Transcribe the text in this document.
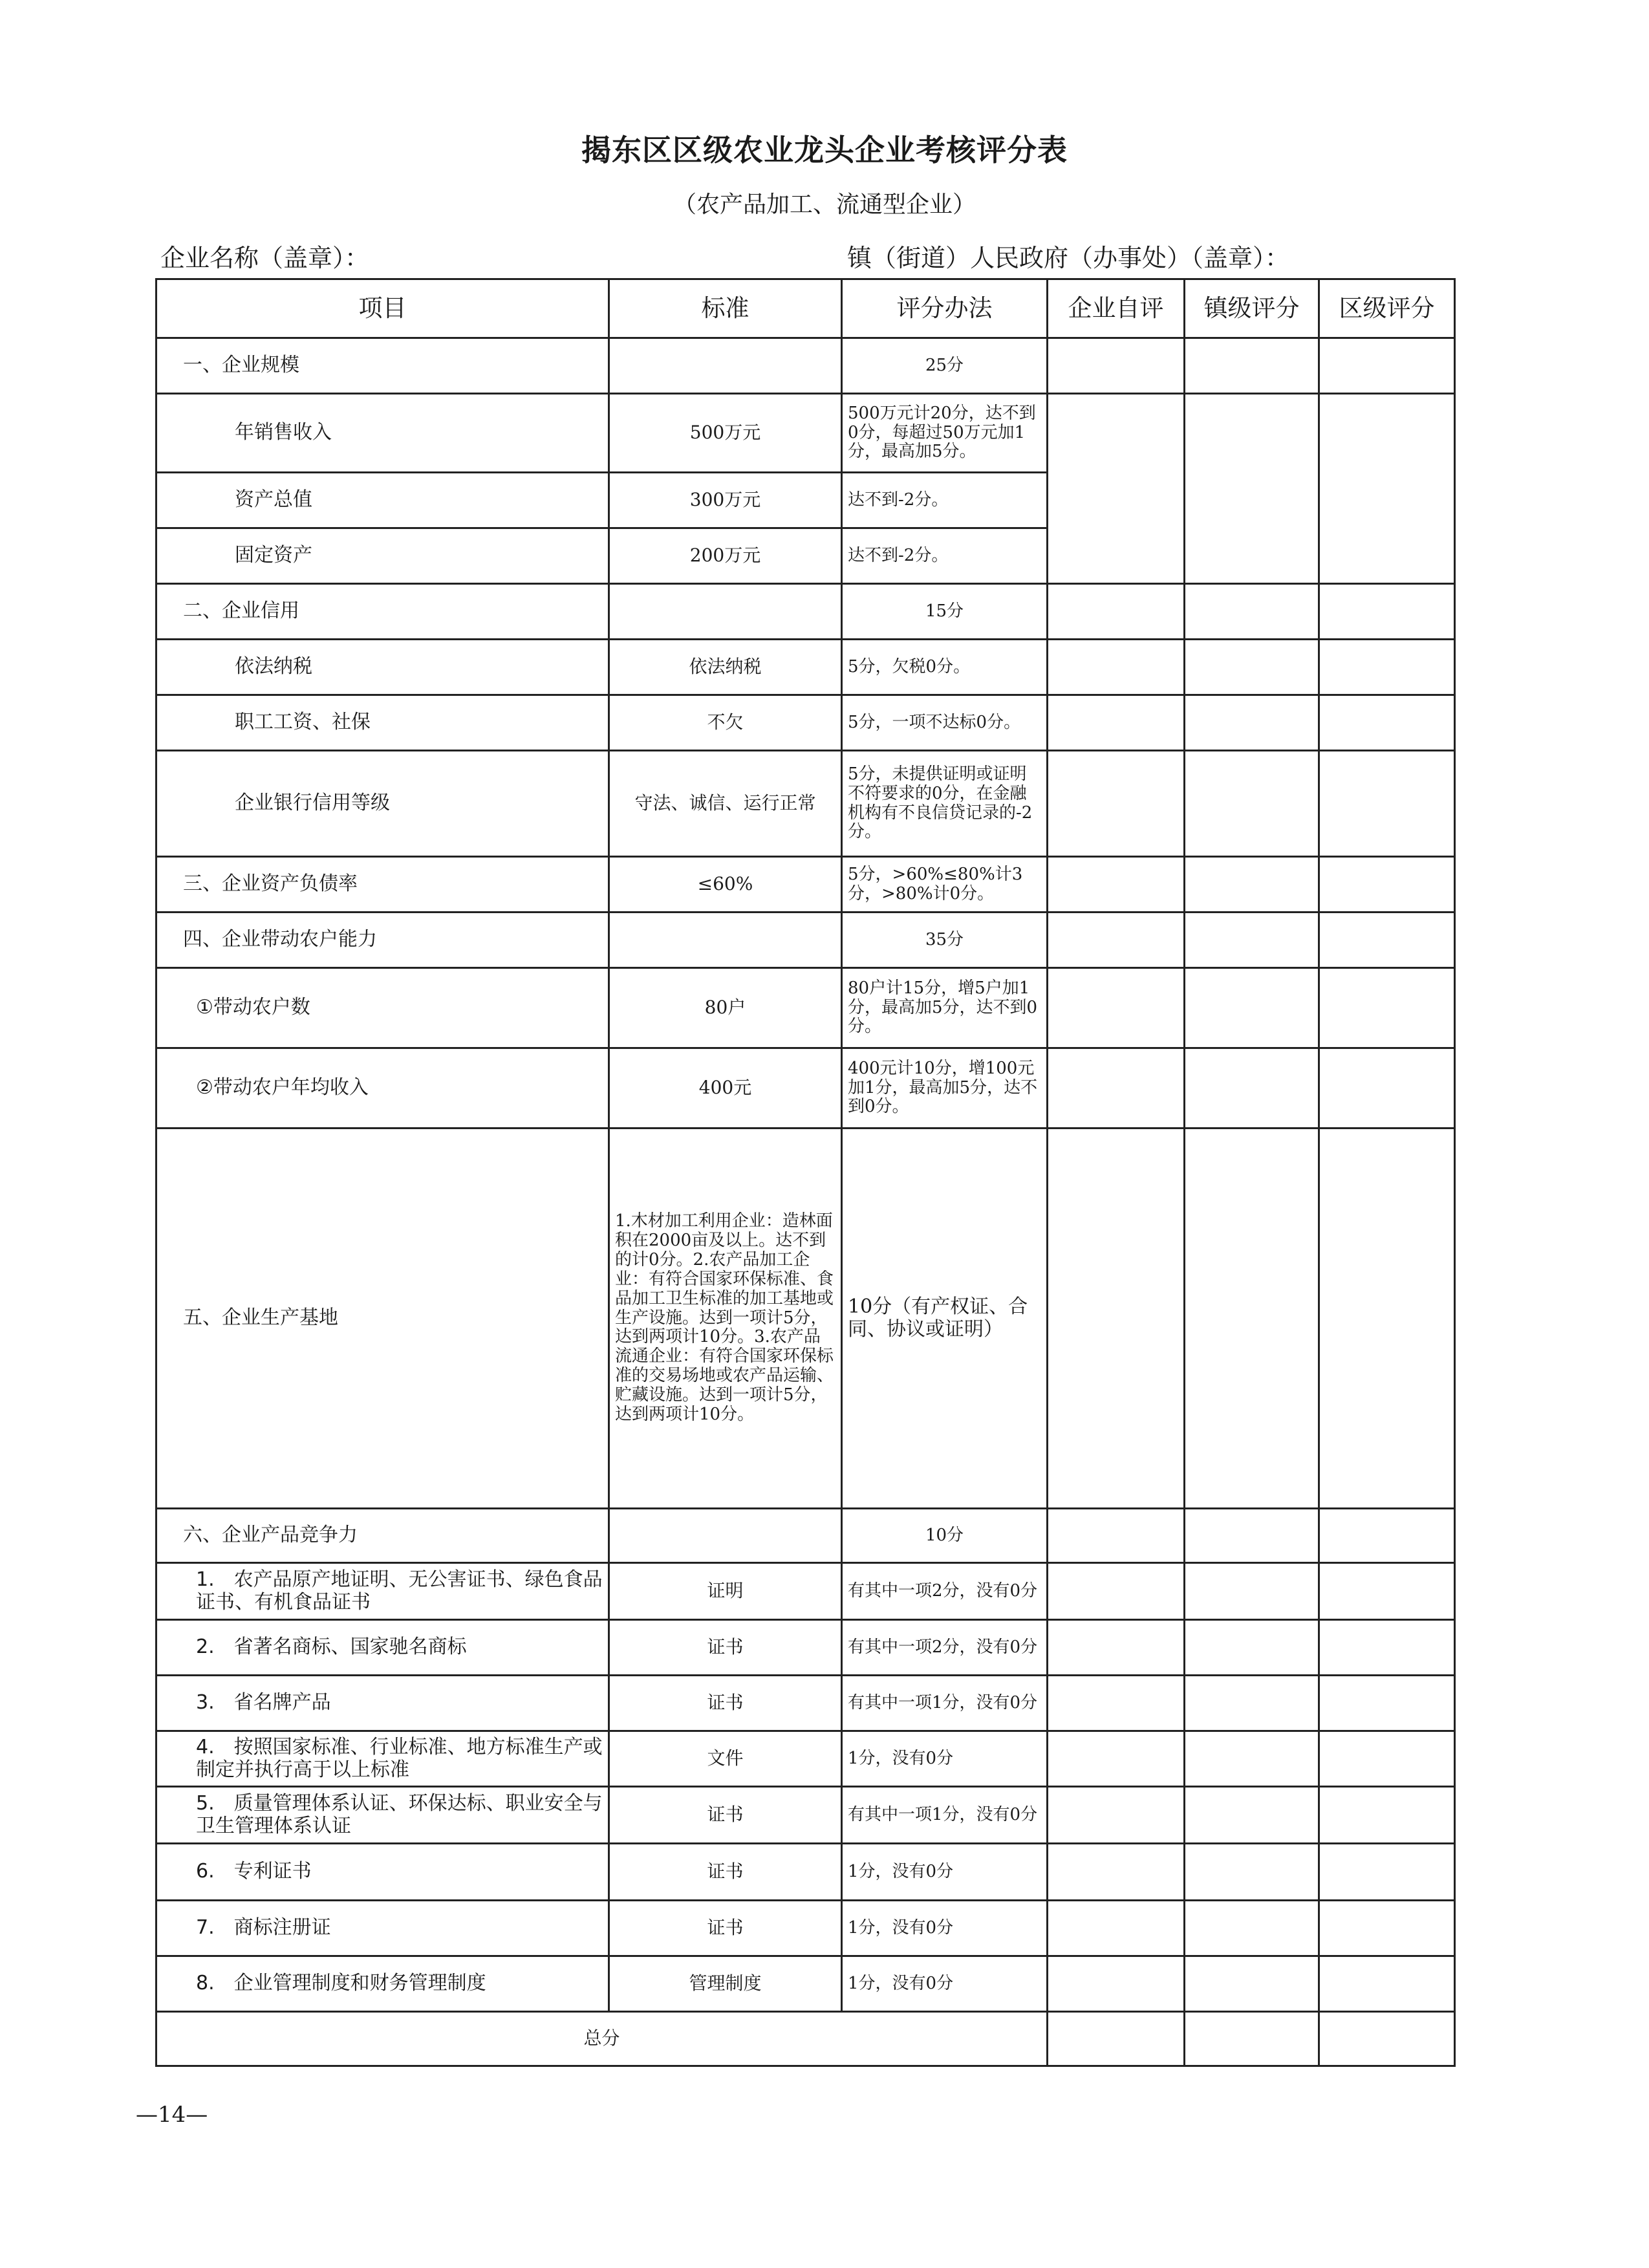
揭东区区级农业龙头企业考核评分表
（农产品加工、流通型企业）
企业名称（盖章）：	镇（街道）人民政府（办事处）（盖章）：
项目	标准	评分办法	企业自评	镇级评分	区级评分
一、企业规模		25分			
年销售收入	500万元	500万元计20分，达不到0分，每超过50万元加1分，最高加5分。			
资产总值	300万元	达不到-2分。			
固定资产	200万元	达不到-2分。			
二、企业信用		15分			
依法纳税	依法纳税	5分，欠税0分。			
职工工资、社保	不欠	5分，一项不达标0分。			
企业银行信用等级	守法、诚信、运行正常	5分，未提供证明或证明不符要求的0分，在金融机构有不良信贷记录的-2分。			
三、企业资产负债率	≤60%	5分，>60%≤80%计3分，>80%计0分。			
四、企业带动农户能力		35分			
①带动农户数	80户	80户计15分，增5户加1分，最高加5分，达不到0分。			
②带动农户年均收入	400元	400元计10分，增100元加1分，最高加5分，达不到0分。			
五、企业生产基地	1.木材加工利用企业：造林面积在2000亩及以上。达不到的计0分。2.农产品加工企业：有符合国家环保标准、食品加工卫生标准的加工基地或生产设施。达到一项计5分，达到两项计10分。3.农产品流通企业：有符合国家环保标准的交易场地或农产品运输、贮藏设施。达到一项计5分，达到两项计10分。	10分（有产权证、合同、协议或证明）			
六、企业产品竞争力		10分			
1.　农产品原产地证明、无公害证书、绿色食品证书、有机食品证书	证明	有其中一项2分，没有0分			
2.　省著名商标、国家驰名商标	证书	有其中一项2分，没有0分			
3.　省名牌产品	证书	有其中一项1分，没有0分			
4.　按照国家标准、行业标准、地方标准生产或制定并执行高于以上标准	文件	1分，没有0分			
5.　质量管理体系认证、环保达标、职业安全与卫生管理体系认证	证书	有其中一项1分，没有0分			
6.　专利证书	证书	1分，没有0分			
7.　商标注册证	证书	1分，没有0分			
8.　企业管理制度和财务管理制度	管理制度	1分，没有0分			
总分					
—14—
